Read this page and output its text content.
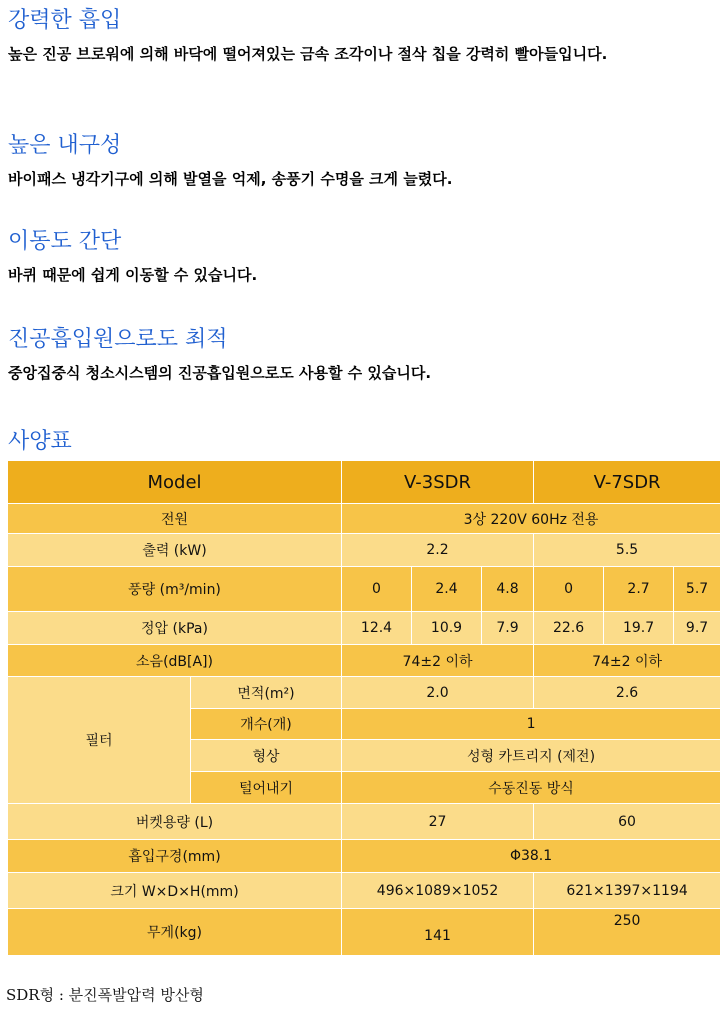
강력한 흡입

높은 진공 브로워에 의해 바닥에 떨어져있는 금속 조각이나 절삭 칩을 강력히 빨아들입니다.

높은 내구성

바이패스 냉각기구에 의해 발열을 억제, 송풍기 수명을 크게 늘렸다.

이동도 간단

바퀴 때문에 쉽게 이동할 수 있습니다.

진공흡입원으로도 최적

중앙집중식 청소시스템의 진공흡입원으로도 사용할 수 있습니다.

사양표
Model		V-3SDR			V-7SDR		
전원		3상 220V 60Hz 전용					
출력 (kW)		2.2			5.5		
풍량 (m³/min)		0	2.4	4.8	0	2.7	5.7
정압 (kPa)		12.4	10.9	7.9	22.6	19.7	9.7
소음(dB[A])		74±2 이하			74±2 이하		
필터	면적(m²)	2.0			2.6		
	개수(개)	1					
	형상	성형 카트리지 (제전)					
	털어내기	수동진동 방식					
버켓용량 (L)		27			60		
흡입구경(mm)		Φ38.1					
크기 W×D×H(mm)		496×1089×1052			621×1397×1194		
무게(kg)		141			250		
SDR형 : 분진폭발압력 방산형
